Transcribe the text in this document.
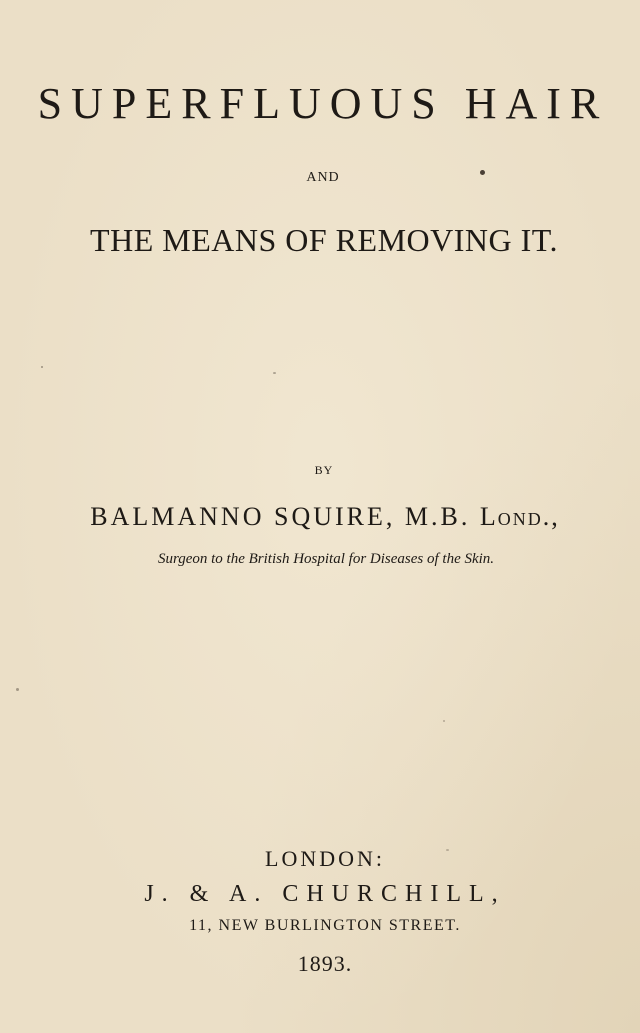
SUPERFLUOUS HAIR
AND
THE MEANS OF REMOVING IT.
BY
BALMANNO SQUIRE, M.B. Lond.,
Surgeon to the British Hospital for Diseases of the Skin.
LONDON:
J. & A. CHURCHILL,
11, NEW BURLINGTON STREET.
1893.
